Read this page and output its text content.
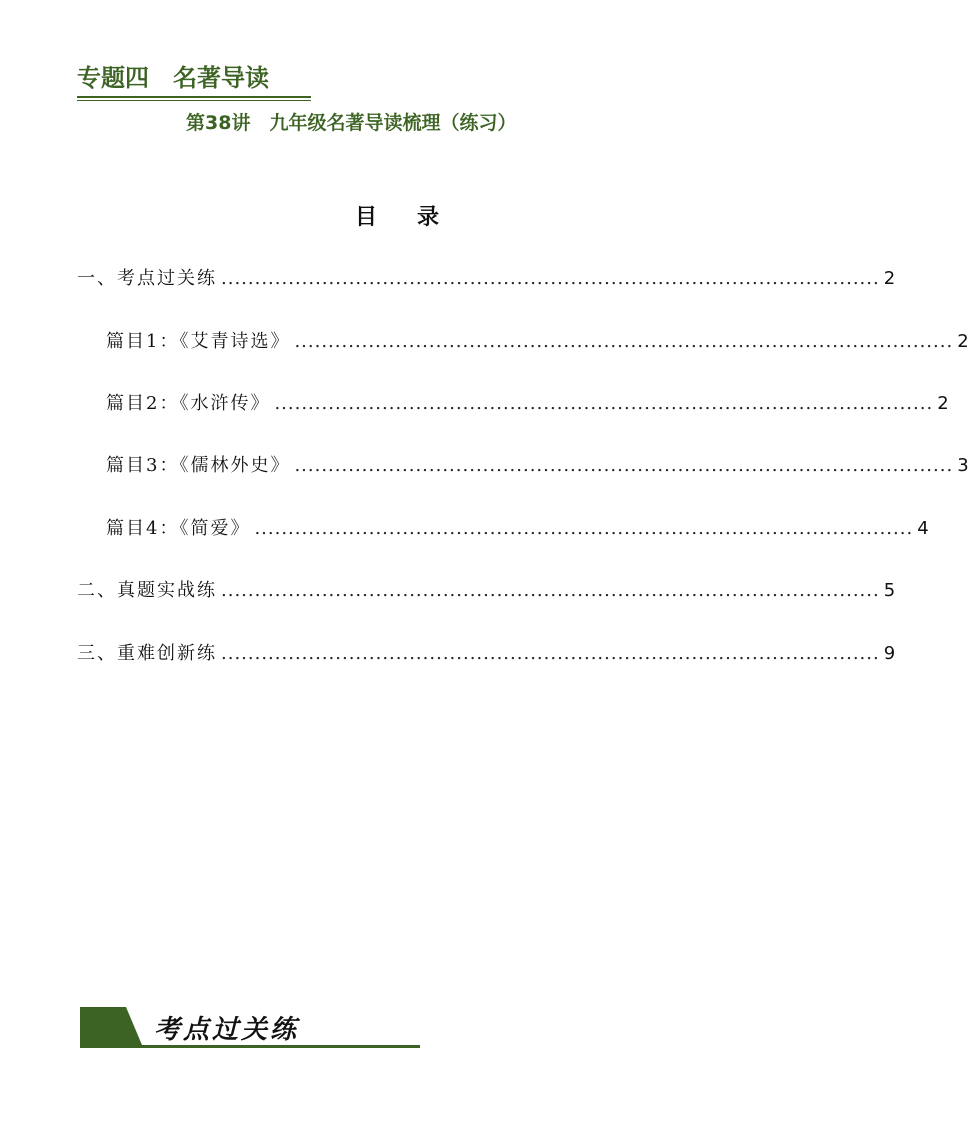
专题四　名著导读
第38讲　九年级名著导读梳理（练习）
目录
一、考点过关练 .................................................................................................. 2
篇目1：《艾青诗选》 .................................................................................................. 2
篇目2：《水浒传》 .................................................................................................. 2
篇目3：《儒林外史》 .................................................................................................. 3
篇目4：《简爱》 .................................................................................................. 4
二、真题实战练 .................................................................................................. 5
三、重难创新练 .................................................................................................. 9
考点过关练
